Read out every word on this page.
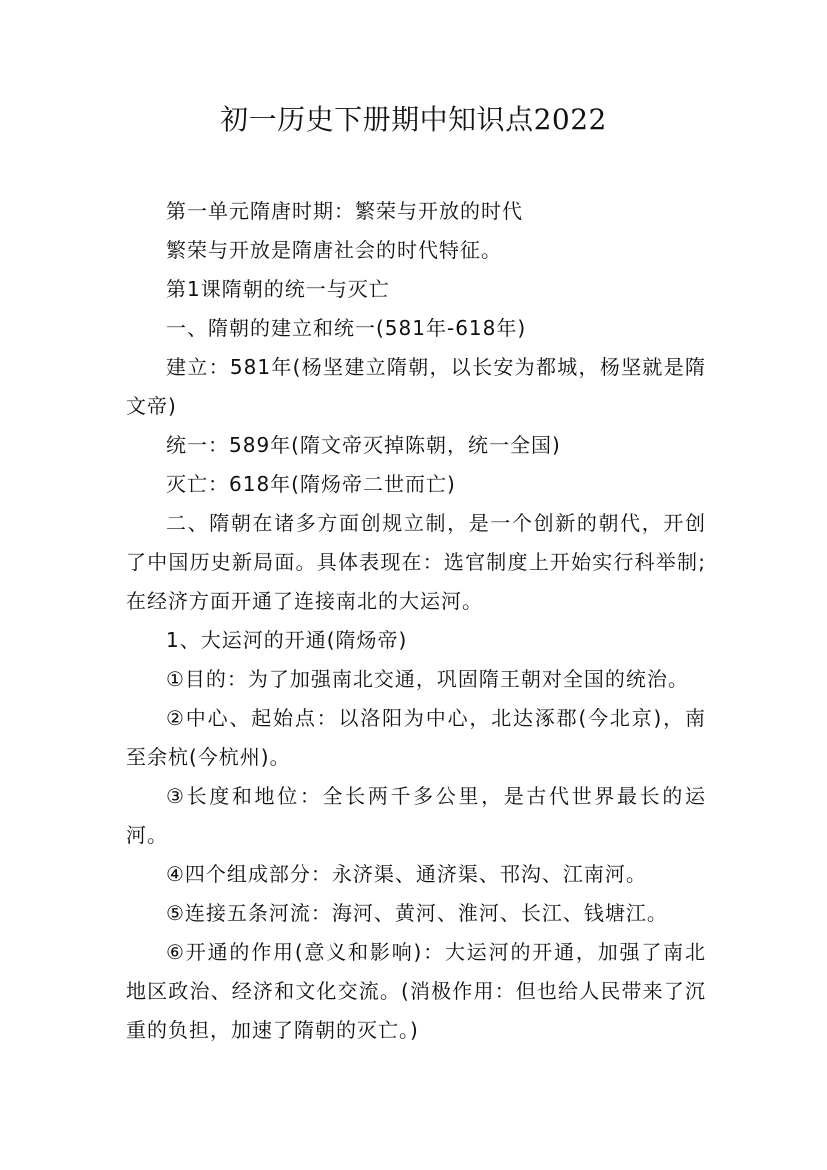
初一历史下册期中知识点2022

第一单元隋唐时期：繁荣与开放的时代

繁荣与开放是隋唐社会的时代特征。

第1课隋朝的统一与灭亡

一、隋朝的建立和统一(581年-618年)

建立：581年(杨坚建立隋朝，以长安为都城，杨坚就是隋文帝)

统一：589年(隋文帝灭掉陈朝，统一全国)

灭亡：618年(隋炀帝二世而亡)

二、隋朝在诸多方面创规立制，是一个创新的朝代，开创了中国历史新局面。具体表现在：选官制度上开始实行科举制;在经济方面开通了连接南北的大运河。

1、大运河的开通(隋炀帝)

①目的：为了加强南北交通，巩固隋王朝对全国的统治。

②中心、起始点：以洛阳为中心，北达涿郡(今北京)，南至余杭(今杭州)。

③长度和地位：全长两千多公里，是古代世界最长的运河。

④四个组成部分：永济渠、通济渠、邗沟、江南河。

⑤连接五条河流：海河、黄河、淮河、长江、钱塘江。

⑥开通的作用(意义和影响)：大运河的开通，加强了南北地区政治、经济和文化交流。(消极作用：但也给人民带来了沉重的负担，加速了隋朝的灭亡。)
